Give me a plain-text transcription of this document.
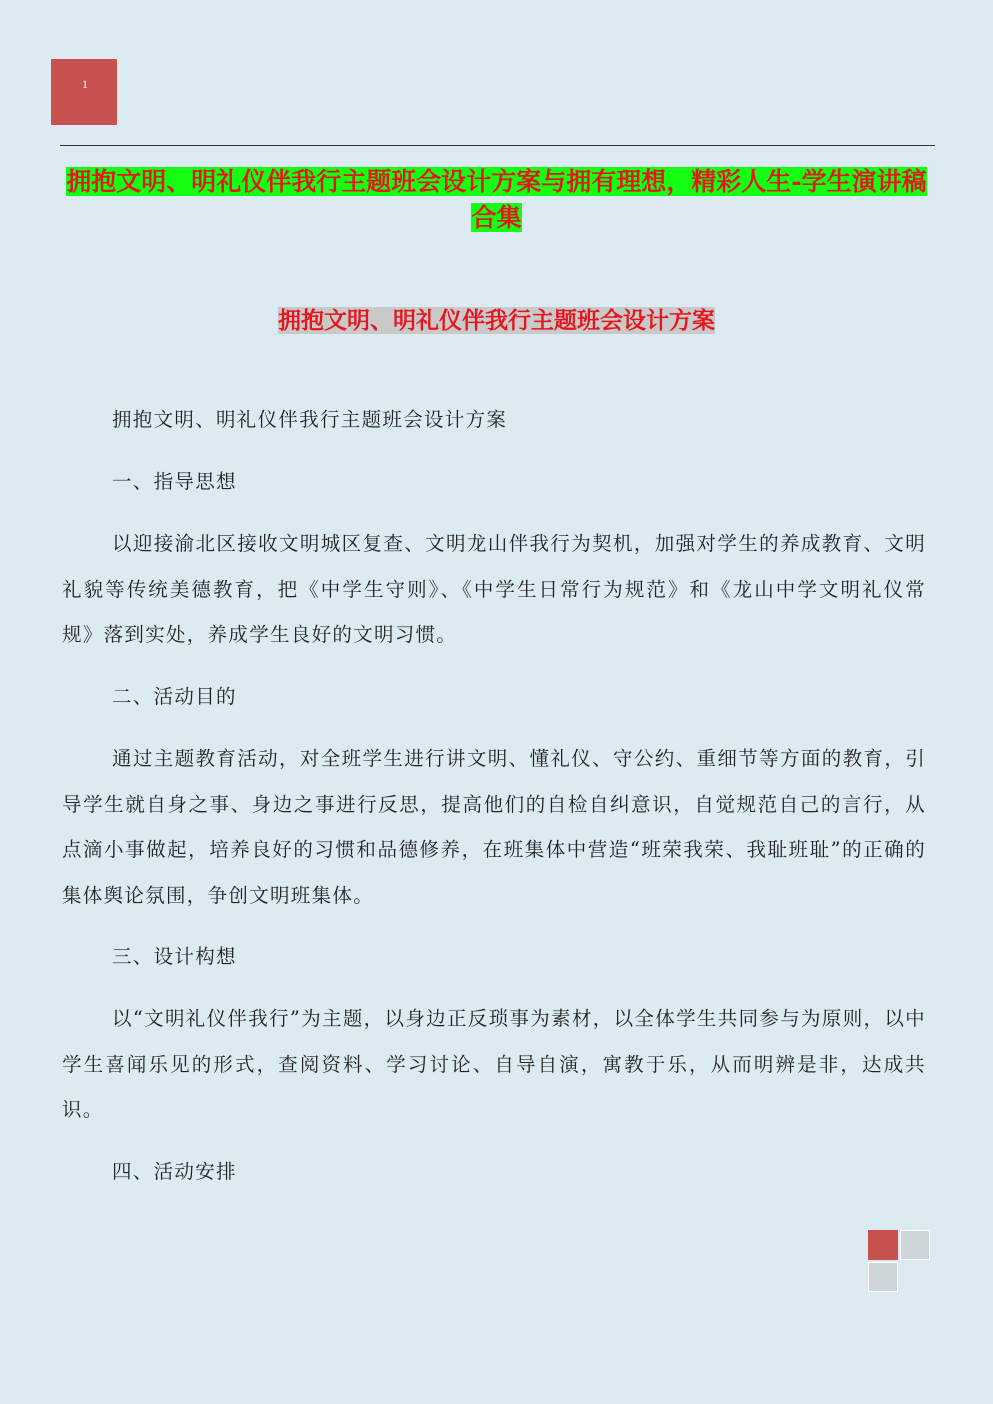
1
拥抱文明、明礼仪伴我行主题班会设计方案与拥有理想，精彩人生-学生演讲稿合集
拥抱文明、明礼仪伴我行主题班会设计方案

拥抱文明、明礼仪伴我行主题班会设计方案

一、指导思想

以迎接渝北区接收文明城区复查、文明龙山伴我行为契机，加强对学生的养成教育、文明礼貌等传统美德教育，把《中学生守则》、《中学生日常行为规范》和《龙山中学文明礼仪常规》落到实处，养成学生良好的文明习惯。

二、活动目的

通过主题教育活动，对全班学生进行讲文明、懂礼仪、守公约、重细节等方面的教育，引导学生就自身之事、身边之事进行反思，提高他们的自检自纠意识，自觉规范自己的言行，从点滴小事做起，培养良好的习惯和品德修养，在班集体中营造“班荣我荣、我耻班耻”的正确的集体舆论氛围，争创文明班集体。

三、设计构想

以“文明礼仪伴我行”为主题，以身边正反琐事为素材，以全体学生共同参与为原则，以中学生喜闻乐见的形式，查阅资料、学习讨论、自导自演，寓教于乐，从而明辨是非，达成共识。

四、活动安排
